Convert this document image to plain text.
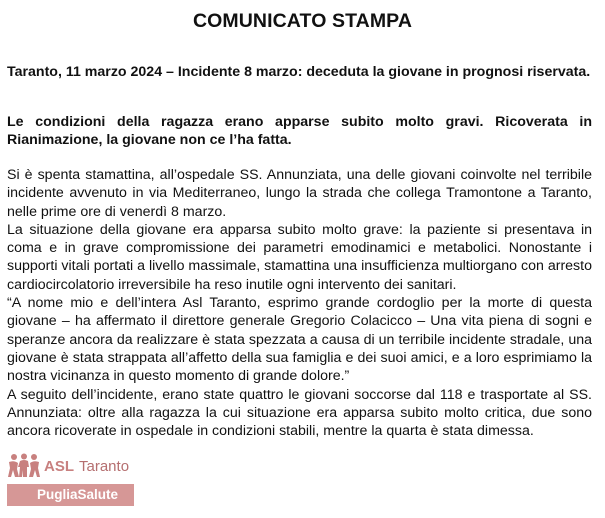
COMUNICATO STAMPA
Taranto, 11 marzo 2024 – Incidente 8 marzo: deceduta la giovane in prognosi riservata.
Le condizioni della ragazza erano apparse subito molto gravi. Ricoverata in Rianimazione, la giovane non ce l’ha fatta.

Si è spenta stamattina, all’ospedale SS. Annunziata, una delle giovani coinvolte nel terribile incidente avvenuto in via Mediterraneo, lungo la strada che collega Tramontone a Taranto, nelle prime ore di venerdì 8 marzo.

La situazione della giovane era apparsa subito molto grave: la paziente si presentava in coma e in grave compromissione dei parametri emodinamici e metabolici. Nonostante i supporti vitali portati a livello massimale, stamattina una insufficienza multiorgano con arresto cardiocircolatorio irreversibile ha reso inutile ogni intervento dei sanitari.

“A nome mio e dell’intera Asl Taranto, esprimo grande cordoglio per la morte di questa giovane – ha affermato il direttore generale Gregorio Colacicco – Una vita piena di sogni e speranze ancora da realizzare è stata spezzata a causa di un terribile incidente stradale, una giovane è stata strappata all’affetto della sua famiglia e dei suoi amici, e a loro esprimiamo la nostra vicinanza in questo momento di grande dolore.”

A seguito dell’incidente, erano state quattro le giovani soccorse dal 118 e trasportate al SS. Annunziata: oltre alla ragazza la cui situazione era apparsa subito molto critica, due sono ancora ricoverate in ospedale in condizioni stabili, mentre la quarta è stata dimessa.

ASL Taranto
PugliaSalute
